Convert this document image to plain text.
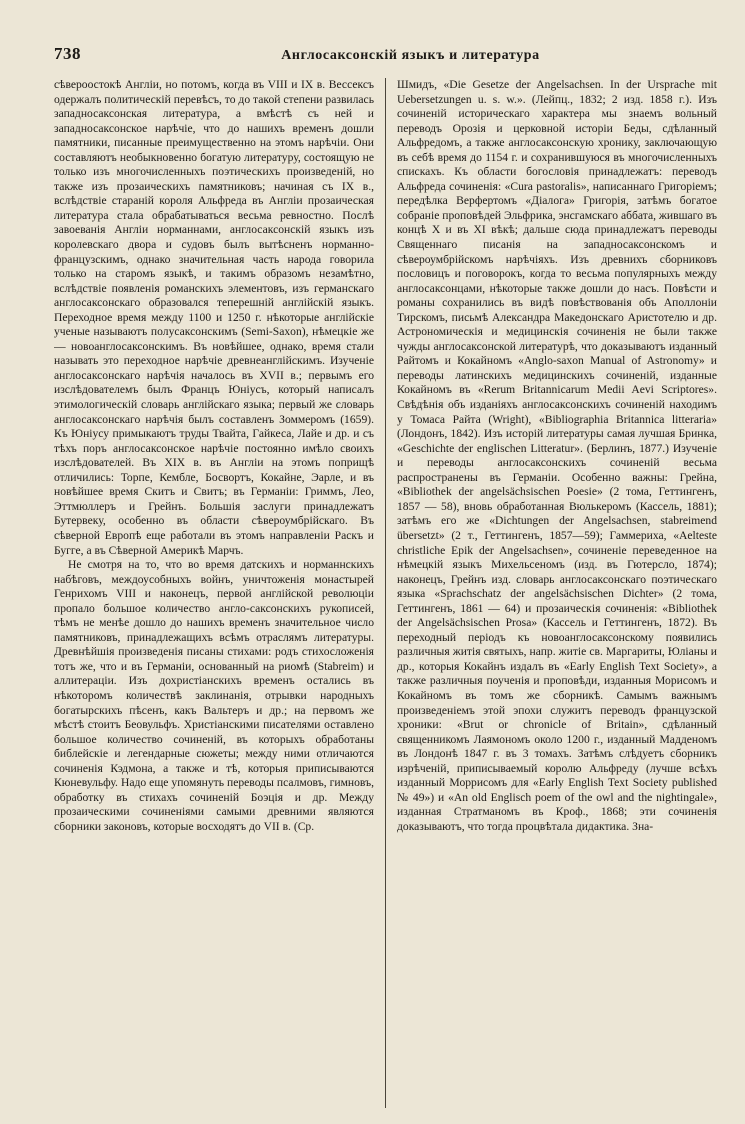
738	Англосаксонскій языкъ и литература

сѣвероостокѣ Англіи, но потомъ, когда въ VIII и IX в. Вессексъ одержалъ политическій перевѣсъ, то до такой степени развилась западносаксонская литература, а вмѣстѣ съ ней и западносаксонское нарѣчіе, что до нашихъ временъ дошли памятники, писанные преимущественно на этомъ нарѣчіи. Они составляютъ необыкновенно богатую литературу, состоящую не только изъ многочисленныхъ поэтическихъ произведеній, но также изъ прозаическихъ памятниковъ; начиная съ IX в., вслѣдствіе стараній короля Альфреда въ Англіи прозаическая литература стала обрабатываться весьма ревностно. Послѣ завоеванія Англіи норманнами, англосаксонскій языкъ изъ королевскаго двора и судовъ былъ вытѣсненъ норманно-французскимъ, однако значительная часть народа говорила только на старомъ языкѣ, и такимъ образомъ незамѣтно, вслѣдствіе появленія романскихъ элементовъ, изъ германскаго англосаксонскаго образовался теперешній англійскій языкъ. Переходное время между 1100 и 1250 г. нѣкоторые англійскіе ученые называютъ полусаксонскимъ (Semi-Saxon), нѣмецкіе же — новоанглосаксонскимъ. Въ новѣйшее, однако, время стали называть это переходное нарѣчіе древнеанглійскимъ. Изученіе англосаксонскаго нарѣчія началось въ XVII в.; первымъ его изслѣдователемъ былъ Францъ Юніусъ, который написалъ этимологическій словарь англійскаго языка; первый же словарь англосаксонскаго нарѣчія былъ составленъ Зоммеромъ (1659). Къ Юніусу примыкаютъ труды Твайта, Гайкеса, Лайе и др. и съ тѣхъ поръ англосаксонское нарѣчіе постоянно имѣло своихъ изслѣдователей. Въ XIX в. въ Англіи на этомъ поприщѣ отличились: Торпе, Кембле, Босвортъ, Кокайне, Эарле, и въ новѣйшее время Скитъ и Свитъ; въ Германіи: Гриммъ, Лео, Эттмюллеръ и Грейнъ. Большія заслуги принадлежатъ Бутервеку, особенно въ области сѣвероумбрійскаго. Въ сѣверной Европѣ еще работали въ этомъ направленіи Раскъ и Бугге, а въ Сѣверной Америкѣ Марчъ.

Не смотря на то, что во время датскихъ и норманнскихъ набѣговъ, междоусобныхъ войнъ, уничтоженія монастырей Генрихомъ VIII и наконецъ, первой англійской революціи пропало большое количество англо-саксонскихъ рукописей, тѣмъ не менѣе дошло до нашихъ временъ значительное число памятниковъ, принадлежащихъ всѣмъ отраслямъ литературы. Древнѣйшія произведенія писаны стихами: родъ стихосложенія тотъ же, что и въ Германіи, основанный на риомѣ (Stabreim) и аллитераціи. Изъ дохристіанскихъ временъ остались въ нѣкоторомъ количествѣ заклинанія, отрывки народныхъ богатырскихъ пѣсенъ, какъ Вальтеръ и др.; на первомъ же мѣстѣ стоитъ Беовульфъ. Христіанскими писателями оставлено большое количество сочиненій, въ которыхъ обработаны библейскіе и легендарные сюжеты; между ними отличаются сочиненія Кэдмона, а также и тѣ, которыя приписываются Кюневульфу. Надо еще упомянуть переводы псалмовъ, гимновъ, обработку въ стихахъ сочиненій Боэція и др. Между прозаическими сочиненіями самыми древними являются сборники законовъ, которые восходятъ до VII в. (Ср.

Шмидъ, «Die Gesetze der Angelsachsen. In der Ursprache mit Uebersetzungen u. s. w.». (Лейпц., 1832; 2 изд. 1858 г.). Изъ сочиненій историческаго характера мы знаемъ вольный переводъ Орозія и церковной исторіи Беды, сдѣланный Альфредомъ, а также англосаксонскую хронику, заключающую въ себѣ время до 1154 г. и сохранившуюся въ многочисленныхъ спискахъ. Къ области богословія принадлежатъ: переводъ Альфреда сочиненія: «Cura pastoralis», написаннаго Григоріемъ; передѣлка Верфертомъ «Діалога» Григорія, затѣмъ богатое собраніе проповѣдей Эльфрика, энсгамскаго аббата, жившаго въ концѣ X и въ XI вѣкѣ; дальше сюда принадлежатъ переводы Священнаго писанія на западносаксонскомъ и сѣвероумбрійскомъ нарѣчіяхъ. Изъ древнихъ сборниковъ пословицъ и поговорокъ, когда то весьма популярныхъ между англосаксонцами, нѣкоторые также дошли до насъ. Повѣсти и романы сохранились въ видѣ повѣствованія объ Аполлоніи Тирскомъ, письмѣ Александра Македонскаго Аристотелю и др. Астрономическія и медицинскія сочиненія не были также чужды англосаксонской литературѣ, что доказываютъ изданный Райтомъ и Кокайномъ «Anglo-saxon Manual of Astronomy» и переводы латинскихъ медицинскихъ сочиненій, изданные Кокайномъ въ «Rerum Britannicarum Medii Aevi Scriptores». Свѣдѣнія объ изданіяхъ англосаксонскихъ сочиненій находимъ у Томаса Райта (Wright), «Bibliographia Britannica litteraria» (Лондонъ, 1842). Изъ исторій литературы самая лучшая Бринка, «Geschichte der englischen Litteratur». (Берлинъ, 1877.) Изученіе и переводы англосаксонскихъ сочиненій весьма распространены въ Германіи. Особенно важны: Грейна, «Bibliothek der angelsächsischen Poesie» (2 тома, Геттингенъ, 1857 — 58), вновь обработанная Вюлькеромъ (Кассель, 1881); затѣмъ его же «Dichtungen der Angelsachsen, stabreimend übersetzt» (2 т., Геттингенъ, 1857—59); Гаммериха, «Aelteste christliche Epik der Angelsachsen», сочиненіе переведенное на нѣмецкій языкъ Михельсеномъ (изд. въ Гютерсло, 1874); наконецъ, Грейнъ изд. словарь англосаксонскаго поэтическаго языка «Sprachschatz der angelsächsischen Dichter» (2 тома, Геттингенъ, 1861 — 64) и прозаическія сочиненія: «Bibliothek der Angelsächsischen Prosa» (Кассель и Геттингенъ, 1872). Въ переходный періодъ къ новоанглосаксонскому появились различныя житія святыхъ, напр. житіе св. Маргариты, Юліаны и др., которыя Кокайнъ издалъ въ «Early English Text Society», а также различныя поученія и проповѣди, изданныя Морисомъ и Кокайномъ въ томъ же сборникѣ. Самымъ важнымъ произведеніемъ этой эпохи служитъ переводъ французской хроники: «Brut or chronicle of Britain», сдѣланный священникомъ Лаямономъ около 1200 г., изданный Мадденомъ въ Лондонѣ 1847 г. въ 3 томахъ. Затѣмъ слѣдуетъ сборникъ изрѣченій, приписываемый королю Альфреду (лучше всѣхъ изданный Моррисомъ для «Early English Text Society published № 49») и «An old Englisch poem of the owl and the nightingale», изданная Стратманомъ въ Кроф., 1868; эти сочиненія доказываютъ, что тогда процвѣтала дидактика. Зна-
